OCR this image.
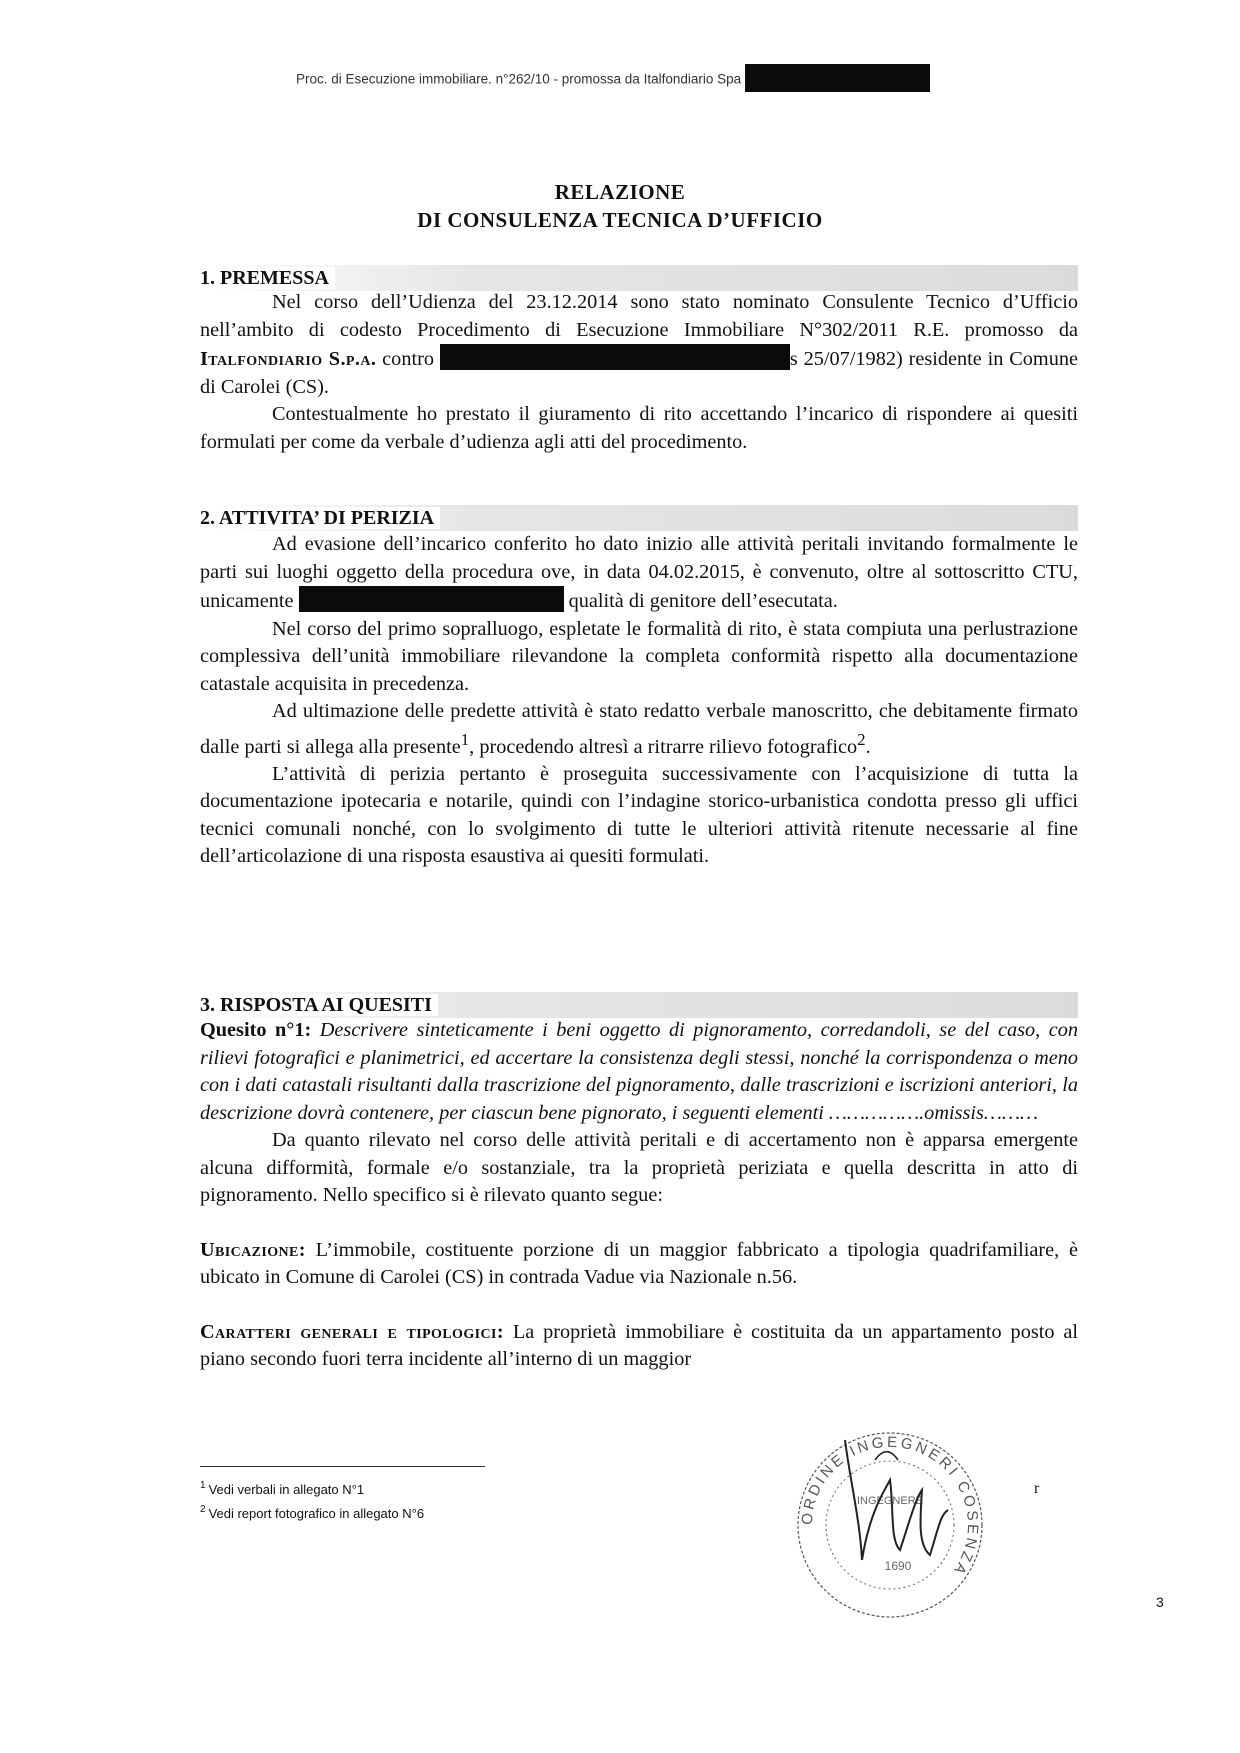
Proc. di Esecuzione immobiliare. n°262/10 - promossa da Italfondiario Spa
RELAZIONE
DI CONSULENZA TECNICA D’UFFICIO
1. PREMESSA

Nel corso dell’Udienza del 23.12.2014 sono stato nominato Consulente Tecnico d’Ufficio nell’ambito di codesto Procedimento di Esecuzione Immobiliare N°302/2011 R.E. promosso da Italfondiario S.p.a. contro	s 25/07/1982) residente in Comune di Carolei (CS).

Contestualmente ho prestato il giuramento di rito accettando l’incarico di rispondere ai quesiti formulati per come da verbale d’udienza agli atti del procedimento.

2. ATTIVITA’ DI PERIZIA

Ad evasione dell’incarico conferito ho dato inizio alle attività peritali invitando formalmente le parti sui luoghi oggetto della procedura ove, in data 04.02.2015, è convenuto, oltre al sottoscritto CTU, unicamente	qualità di genitore dell’esecutata.

Nel corso del primo sopralluogo, espletate le formalità di rito, è stata compiuta una perlustrazione complessiva dell’unità immobiliare rilevandone la completa conformità rispetto alla documentazione catastale acquisita in precedenza.

Ad ultimazione delle predette attività è stato redatto verbale manoscritto, che debitamente firmato dalle parti si allega alla presente$^1$, procedendo altresì a ritrarre rilievo fotografico$^2$.

L’attività di perizia pertanto è proseguita successivamente con l’acquisizione di tutta la documentazione ipotecaria e notarile, quindi con l’indagine storico-urbanistica condotta presso gli uffici tecnici comunali nonché, con lo svolgimento di tutte le ulteriori attività ritenute necessarie al fine dell’articolazione di una risposta esaustiva ai quesiti formulati.

3. RISPOSTA AI QUESITI

Quesito n°1: Descrivere sinteticamente i beni oggetto di pignoramento, corredandoli, se del caso, con rilievi fotografici e planimetrici, ed accertare la consistenza degli stessi, nonché la corrispondenza o meno con i dati catastali risultanti dalla trascrizione del pignoramento, dalle trascrizioni e iscrizioni anteriori, la descrizione dovrà contenere, per ciascun bene pignorato, i seguenti elementi …………….omissis………

Da quanto rilevato nel corso delle attività peritali e di accertamento non è apparsa emergente alcuna difformità, formale e/o sostanziale, tra la proprietà periziata e quella descritta in atto di pignoramento. Nello specifico si è rilevato quanto segue:

Ubicazione: L’immobile, costituente porzione di un maggior fabbricato a tipologia quadrifamiliare, è ubicato in Comune di Carolei (CS) in contrada Vadue via Nazionale n.56.

Caratteri generali e tipologici: La proprietà immobiliare è costituita da un appartamento posto al piano secondo fuori terra incidente all’interno di un maggior

$^1$ Vedi verbali in allegato N°1
$^2$ Vedi report fotografico in allegato N°6	ORDINE INGEGNERI COSENZA
INGEGNERE
1690
r
3
